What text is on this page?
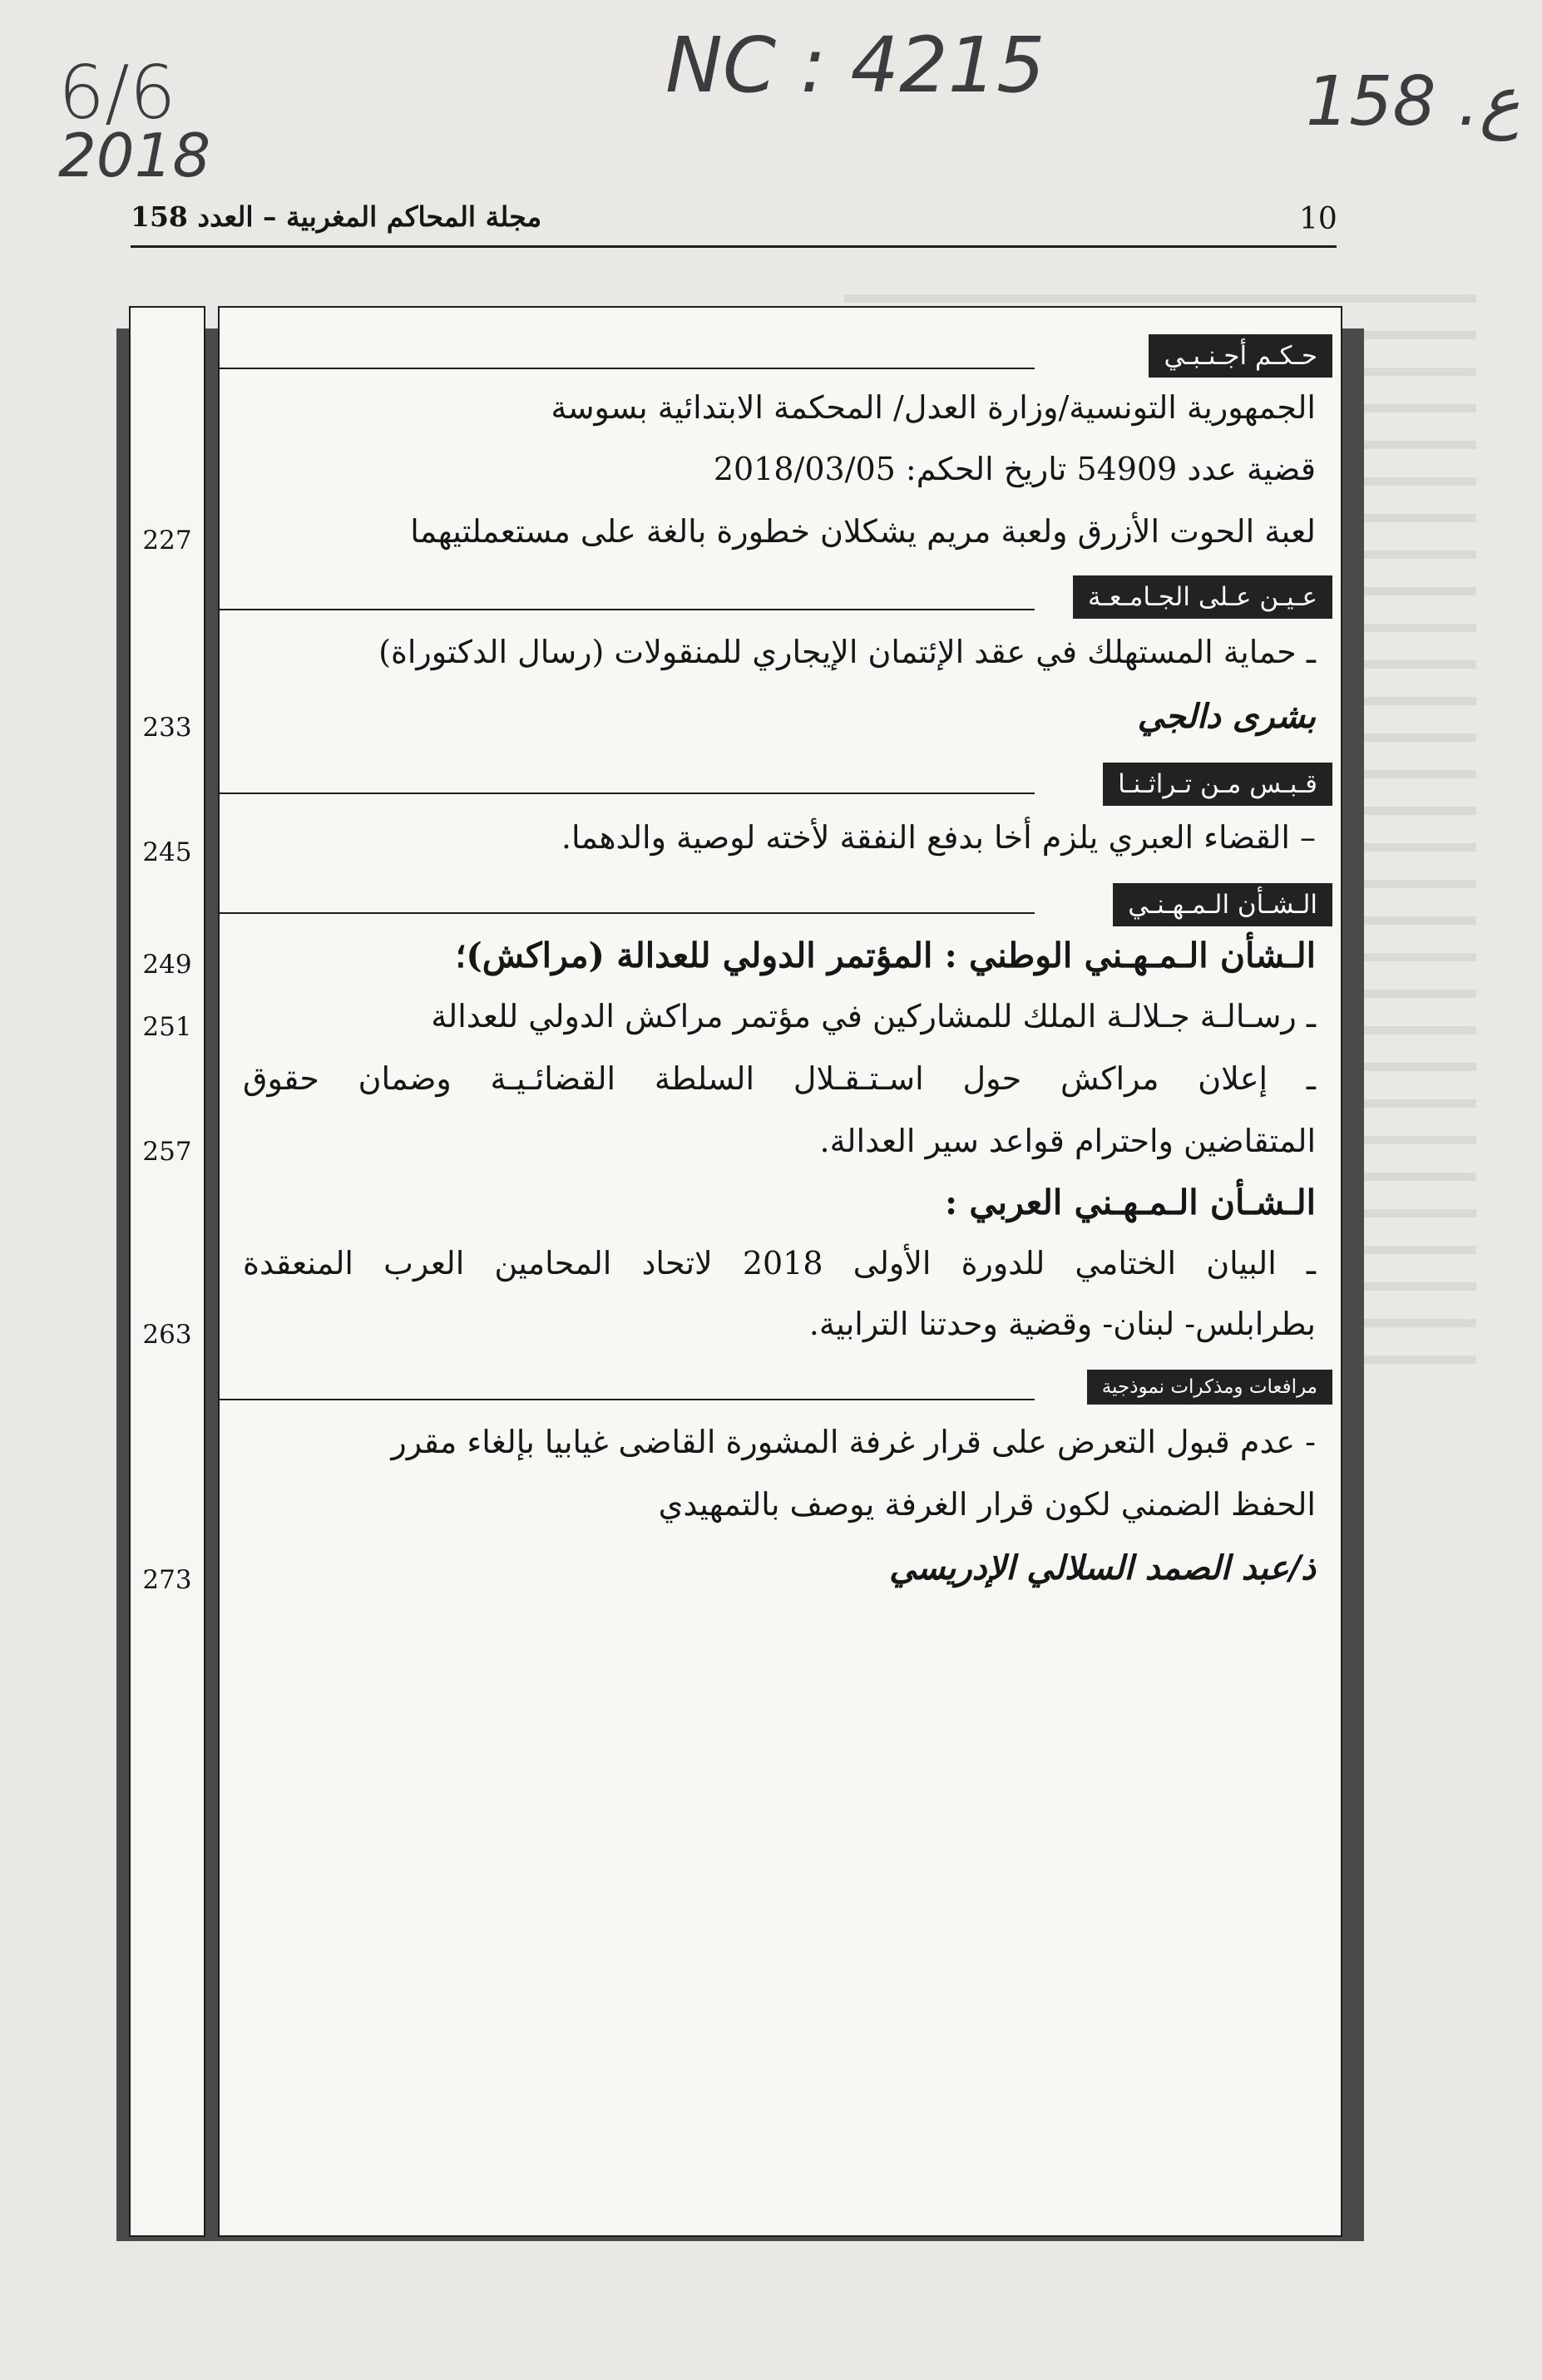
6/6
2018
NC : 4215	158 .ع
مجلة المحاكم المغربية – العدد 158	10
227
233
245
249
251
257
263
273
حـكـم أجـنـبـي
الجمهورية التونسية/وزارة العدل/ المحكمة الابتدائية بسوسة
قضية عدد 54909 تاريخ الحكم: 2018/03/05
لعبة الحوت الأزرق ولعبة مريم يشكلان خطورة بالغة على مستعملتيهما
عـيـن عـلى الجـامـعـة
ـ حماية المستهلك في عقد الإئتمان الإيجاري للمنقولات (رسال الدكتوراة)
بشرى دالجي
قـبـس مـن تـراثـنـا
– القضاء العبري يلزم أخا بدفع النفقة لأخته لوصية والدهما.
الـشـأن الـمـهـنـي
الـشأن الـمـهـني الوطني : المؤتمر الدولي للعدالة (مراكش)؛
ـ رسـالـة جـلالـة الملك للمشاركين في مؤتمر مراكش الدولي للعدالة
ـ إعلان مراكش حول اسـتـقـلال السلطة القضائـيـة وضمان حقوق
المتقاضين واحترام قواعد سير العدالة.
الـشـأن الـمـهـني العربي :
ـ البيان الختامي للدورة الأولى 2018 لاتحاد المحامين العرب المنعقدة
بطرابلس- لبنان- وقضية وحدتنا الترابية.
مرافعات ومذكرات نموذجية
- عدم قبول التعرض على قرار غرفة المشورة القاضى غيابيا بإلغاء مقرر
الحفظ الضمني لكون قرار الغرفة يوصف بالتمهيدي
ذ/عبد الصمد السلالي الإدريسي
